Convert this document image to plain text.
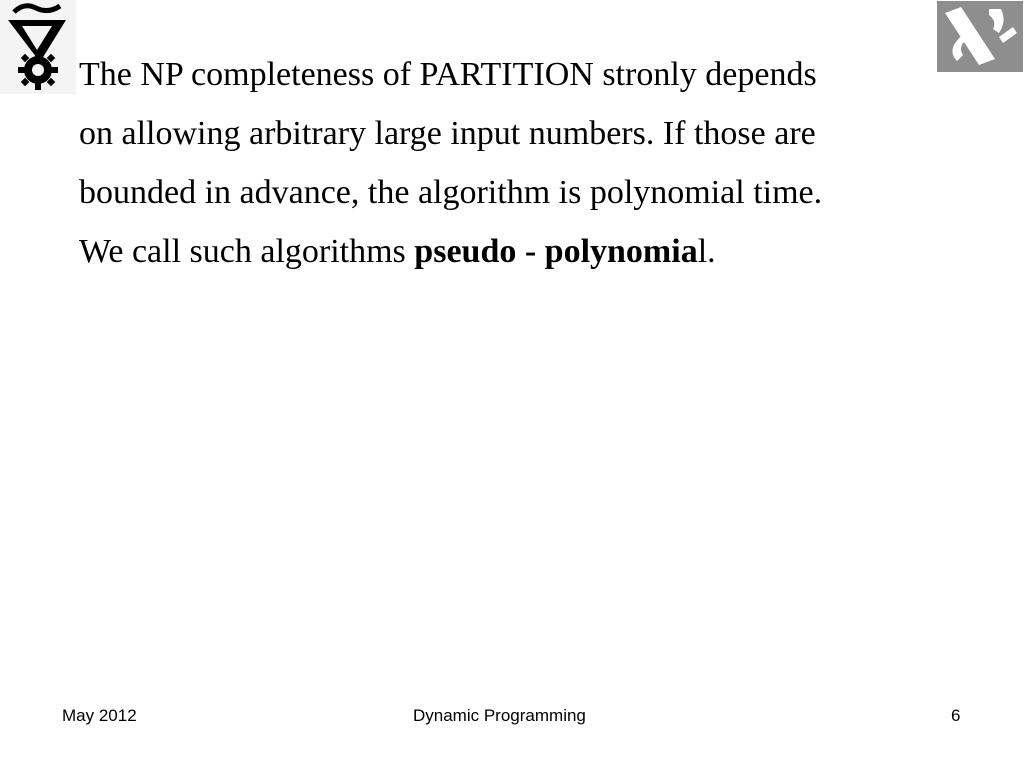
The NP completeness of PARTITION stronly depends
on allowing arbitrary large input numbers. If those are
bounded in advance, the algorithm is polynomial time.
We call such algorithms pseudo - polynomial.
May 2012	Dynamic Programming	6
